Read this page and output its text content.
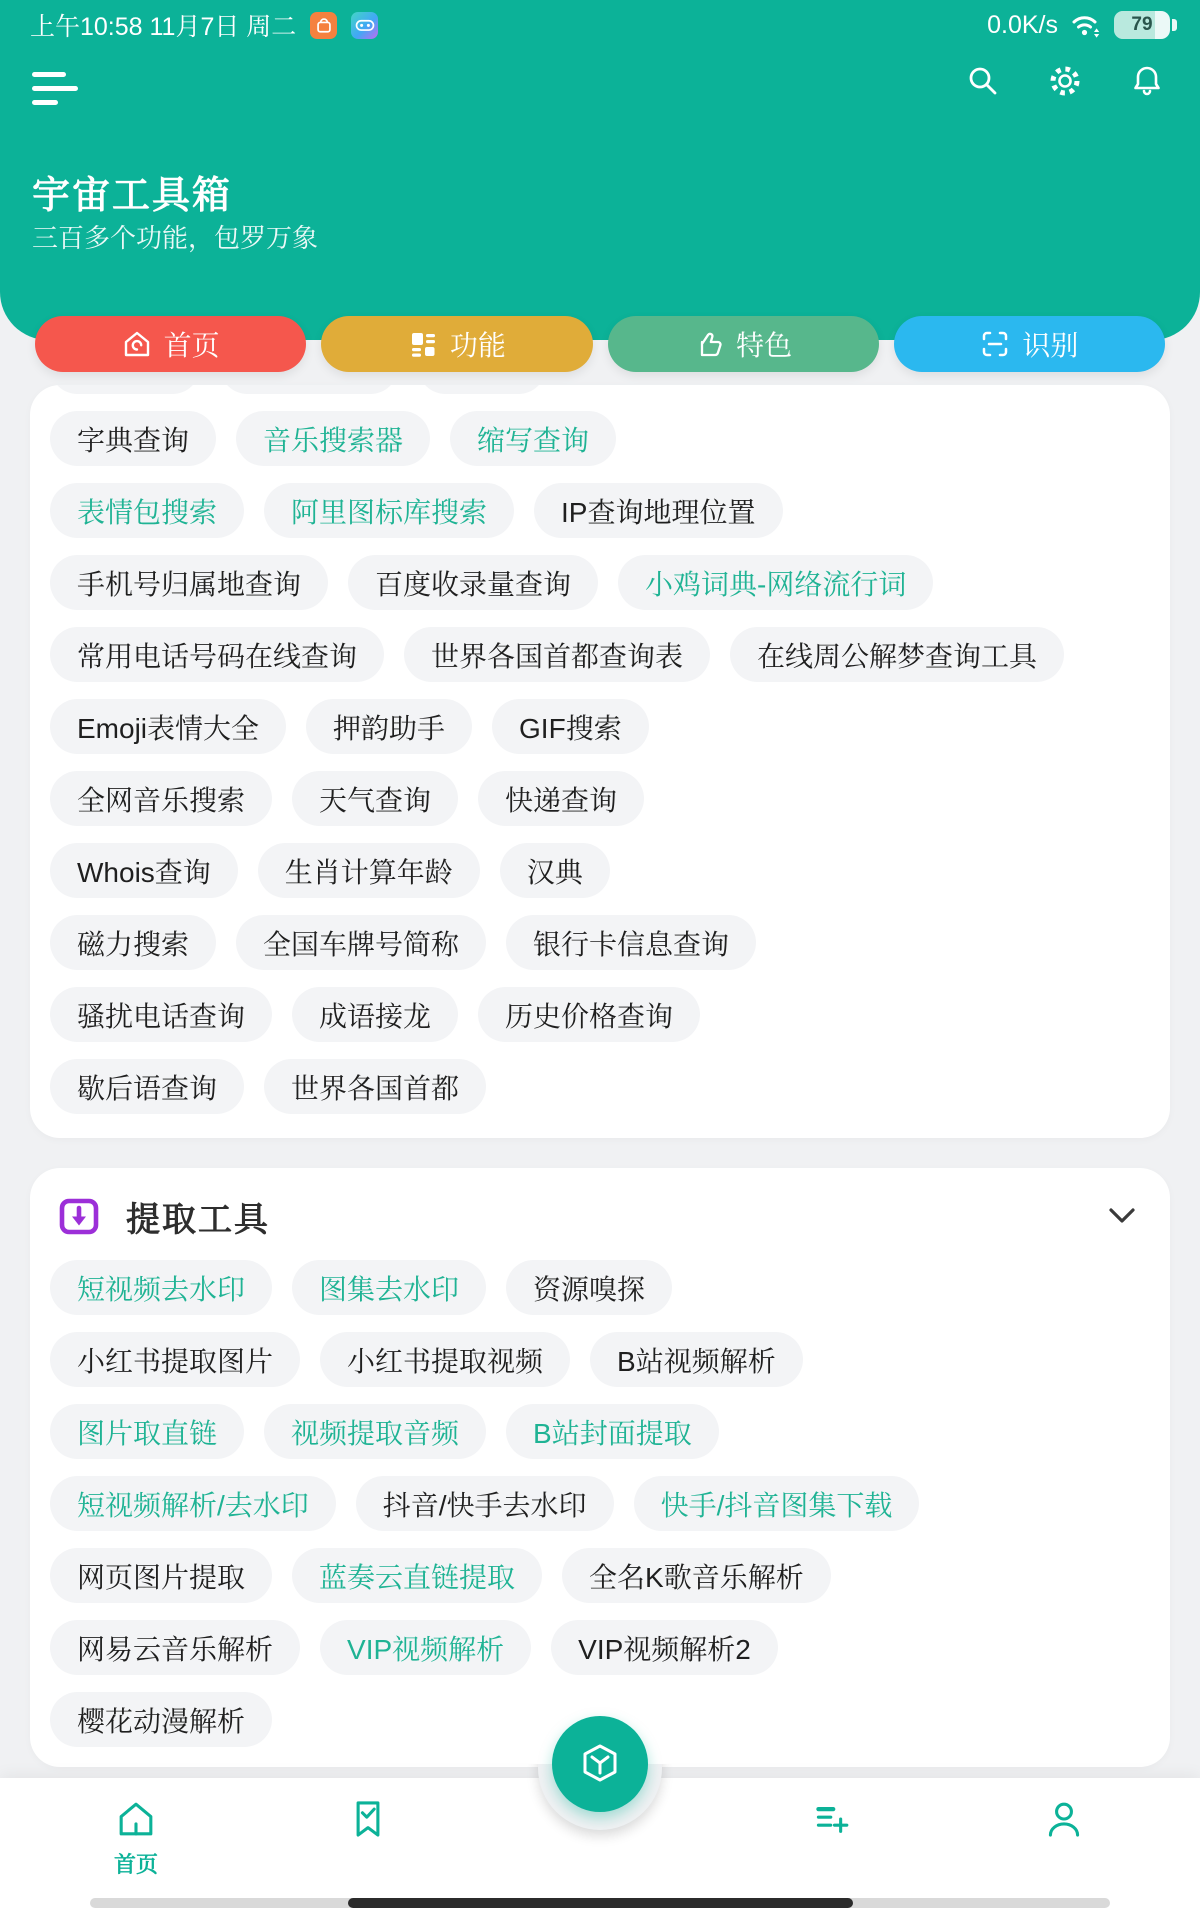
上午10:58 11月7日 周二	0.0K/s	79
宇宙工具箱
三百多个功能，包罗万象
首页	功能	特色	识别
字典查询	音乐搜索器	缩写查询
表情包搜索	阿里图标库搜索	IP查询地理位置
手机号归属地查询	百度收录量查询	小鸡词典-网络流行词
常用电话号码在线查询	世界各国首都查询表	在线周公解梦查询工具
Emoji表情大全	押韵助手	GIF搜索
全网音乐搜索	天气查询	快递查询
Whois查询	生肖计算年龄	汉典
磁力搜索	全国车牌号简称	银行卡信息查询
骚扰电话查询	成语接龙	历史价格查询
歇后语查询	世界各国首都
提取工具
短视频去水印	图集去水印	资源嗅探
小红书提取图片	小红书提取视频	B站视频解析
图片取直链	视频提取音频	B站封面提取
短视频解析/去水印	抖音/快手去水印	快手/抖音图集下载
网页图片提取	蓝奏云直链提取	全名K歌音乐解析
网易云音乐解析	VIP视频解析	VIP视频解析2
樱花动漫解析
首页
